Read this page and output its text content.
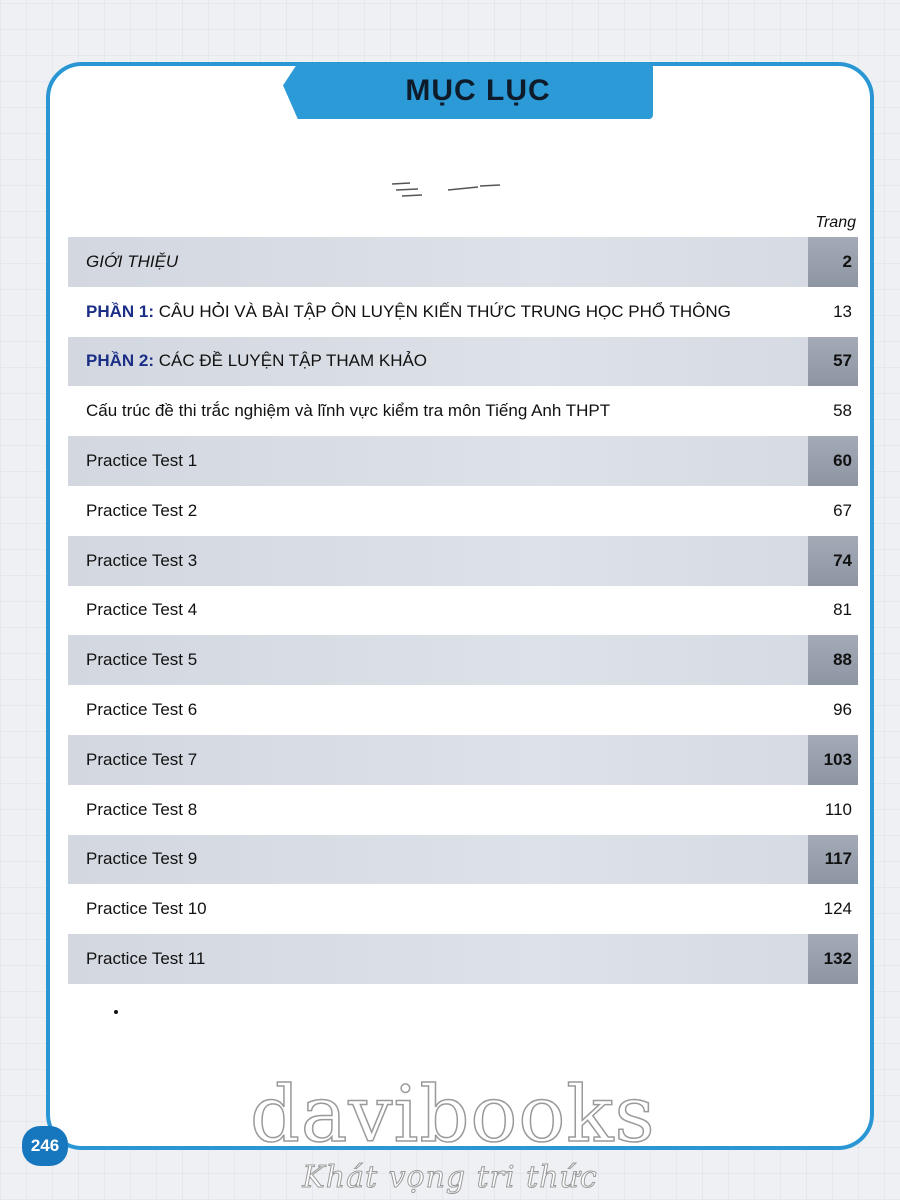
MỤC LỤC
Trang
GIỚI THIỆU	2
PHẦN 1: CÂU HỎI VÀ BÀI TẬP ÔN LUYỆN KIẾN THỨC TRUNG HỌC PHỔ THÔNG	13
PHẦN 2: CÁC ĐỀ LUYỆN TẬP THAM KHẢO	57
Cấu trúc đề thi trắc nghiệm và lĩnh vực kiểm tra môn Tiếng Anh THPT	58
Practice Test 1	60
Practice Test 2	67
Practice Test 3	74
Practice Test 4	81
Practice Test 5	88
Practice Test 6	96
Practice Test 7	103
Practice Test 8	110
Practice Test 9	117
Practice Test 10	124
Practice Test 11	132
246 davibooks
Khát vọng tri thức
